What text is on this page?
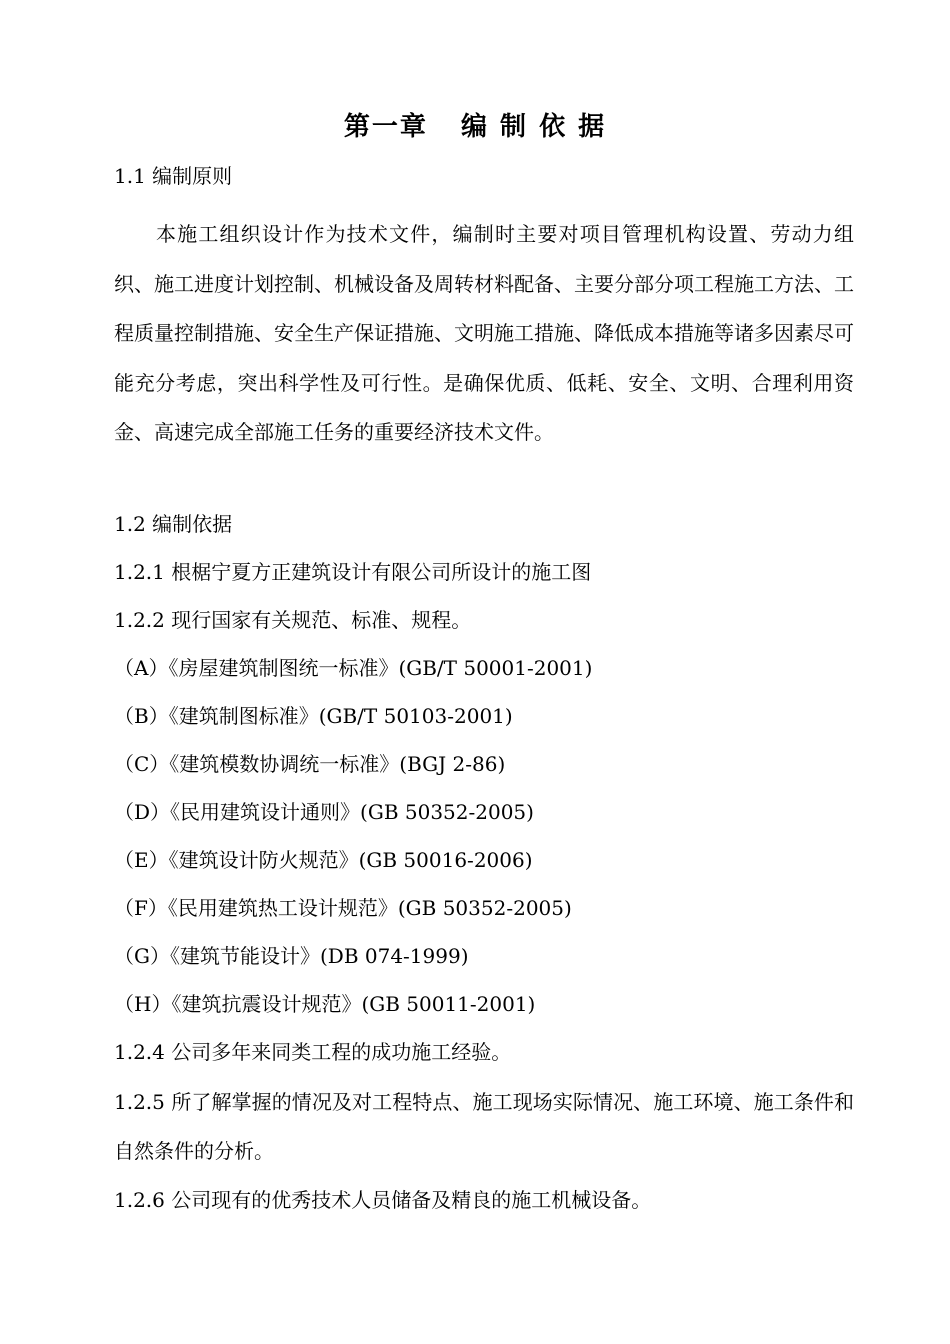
第一章   编 制 依 据

1.1 编制原则

本施工组织设计作为技术文件，编制时主要对项目管理机构设置、劳动力组织、施工进度计划控制、机械设备及周转材料配备、主要分部分项工程施工方法、工程质量控制措施、安全生产保证措施、文明施工措施、降低成本措施等诸多因素尽可能充分考虑，突出科学性及可行性。是确保优质、低耗、安全、文明、合理利用资金、高速完成全部施工任务的重要经济技术文件。

1.2 编制依据

1.2.1 根椐宁夏方正建筑设计有限公司所设计的施工图

1.2.2 现行国家有关规范、标准、规程。

（A）《房屋建筑制图统一标准》(GB/T 50001-2001)

（B）《建筑制图标准》(GB/T 50103-2001)

（C）《建筑模数协调统一标准》(BGJ 2-86)

（D）《民用建筑设计通则》(GB 50352-2005)

（E）《建筑设计防火规范》(GB 50016-2006)

（F）《民用建筑热工设计规范》(GB 50352-2005)

（G）《建筑节能设计》(DB 074-1999)

（H）《建筑抗震设计规范》(GB 50011-2001)

1.2.4 公司多年来同类工程的成功施工经验。

1.2.5 所了解掌握的情况及对工程特点、施工现场实际情况、施工环境、施工条件和自然条件的分析。

1.2.6 公司现有的优秀技术人员储备及精良的施工机械设备。
